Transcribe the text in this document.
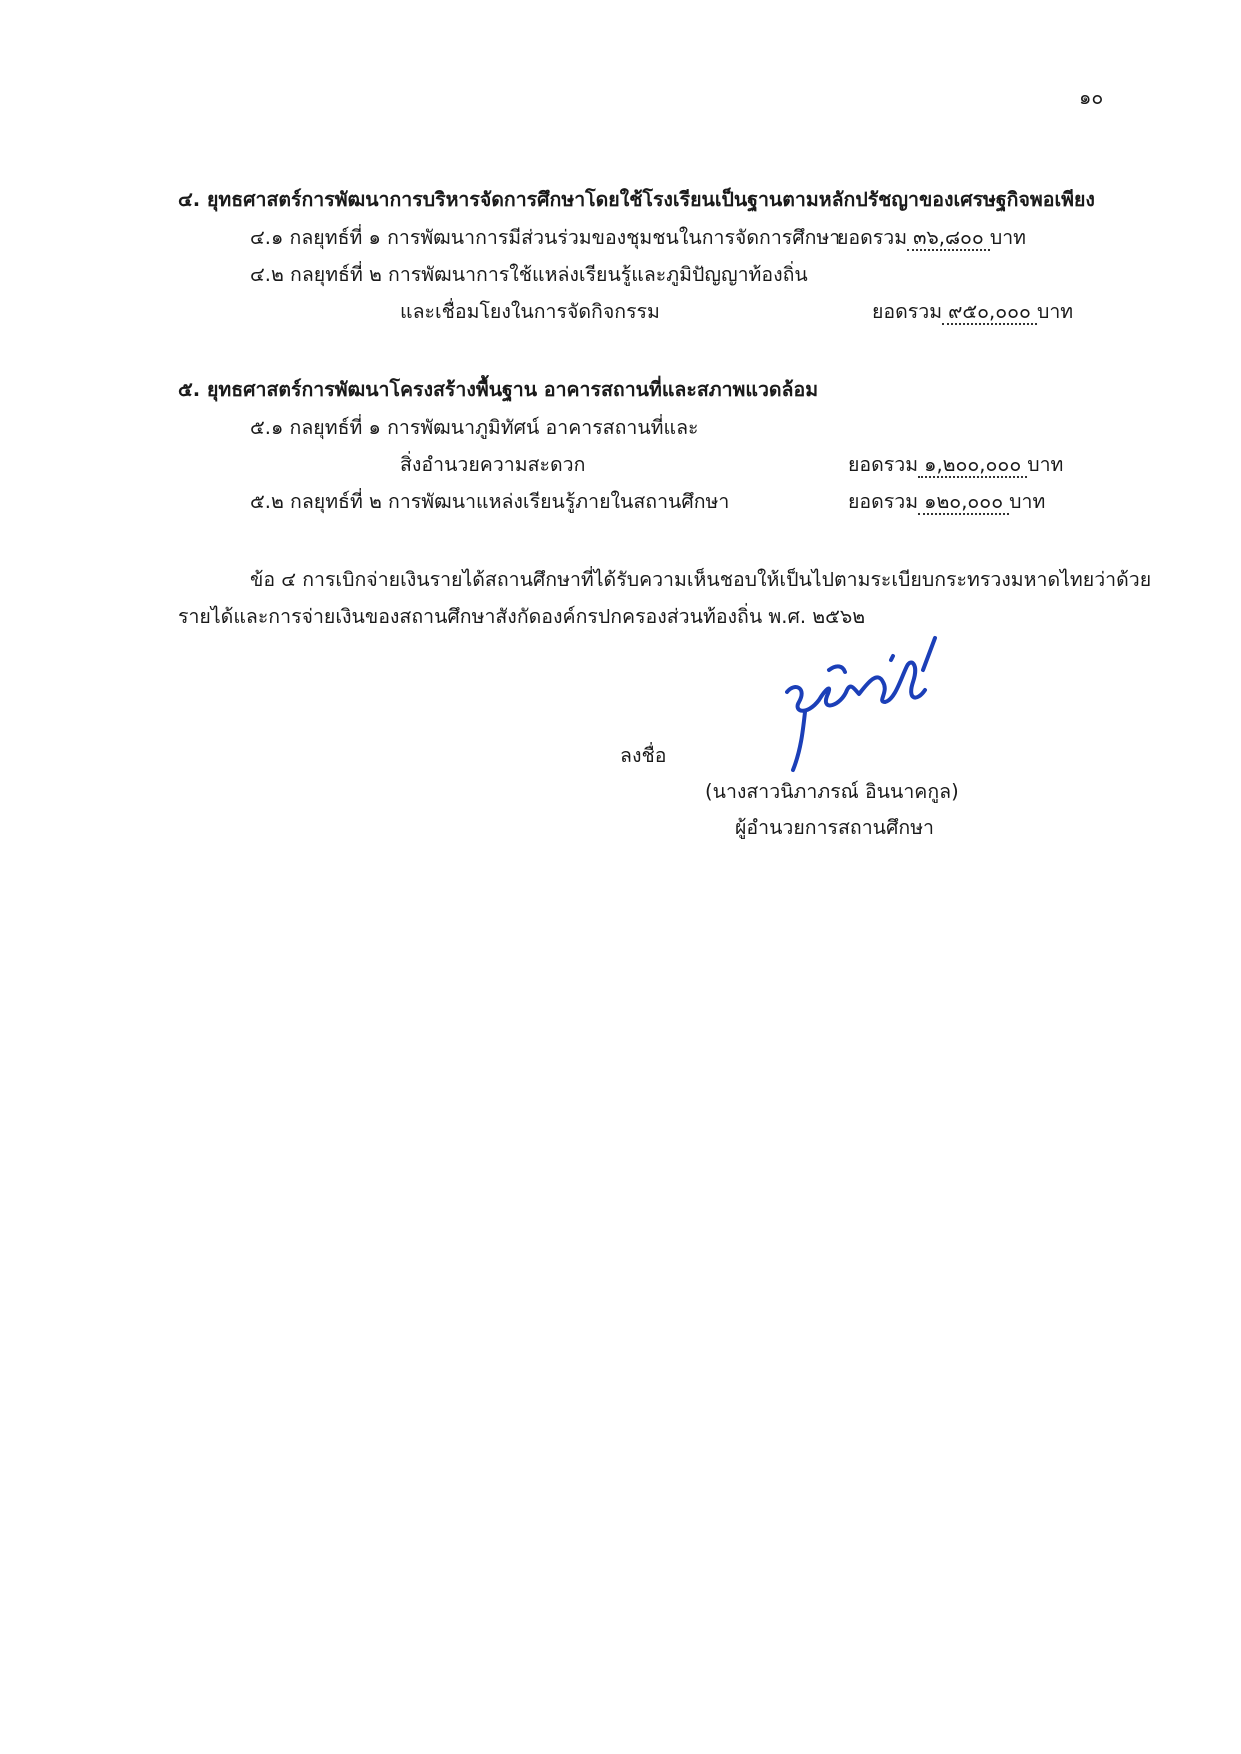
๑๐
๔. ยุทธศาสตร์การพัฒนาการบริหารจัดการศึกษาโดยใช้โรงเรียนเป็นฐานตามหลักปรัชญาของเศรษฐกิจพอเพียง
๔.๑ กลยุทธ์ที่ ๑ การพัฒนาการมีส่วนร่วมของชุมชนในการจัดการศึกษา
ยอดรวม ๓๖,๘๐๐ บาท
๔.๒ กลยุทธ์ที่ ๒ การพัฒนาการใช้แหล่งเรียนรู้และภูมิปัญญาท้องถิ่น
และเชื่อมโยงในการจัดกิจกรรม	ยอดรวม ๙๕๐,๐๐๐ บาท
๕. ยุทธศาสตร์การพัฒนาโครงสร้างพื้นฐาน อาคารสถานที่และสภาพแวดล้อม
๕.๑ กลยุทธ์ที่ ๑ การพัฒนาภูมิทัศน์ อาคารสถานที่และ
สิ่งอำนวยความสะดวก	ยอดรวม ๑,๒๐๐,๐๐๐ บาท
๕.๒ กลยุทธ์ที่ ๒ การพัฒนาแหล่งเรียนรู้ภายในสถานศึกษา	ยอดรวม ๑๒๐,๐๐๐ บาท
ข้อ ๔ การเบิกจ่ายเงินรายได้สถานศึกษาที่ได้รับความเห็นชอบให้เป็นไปตามระเบียบกระทรวงมหาดไทยว่าด้วย
รายได้และการจ่ายเงินของสถานศึกษาสังกัดองค์กรปกครองส่วนท้องถิ่น พ.ศ. ๒๕๖๒
ลงชื่อ
(นางสาวนิภาภรณ์ อินนาคกูล)
ผู้อำนวยการสถานศึกษา
